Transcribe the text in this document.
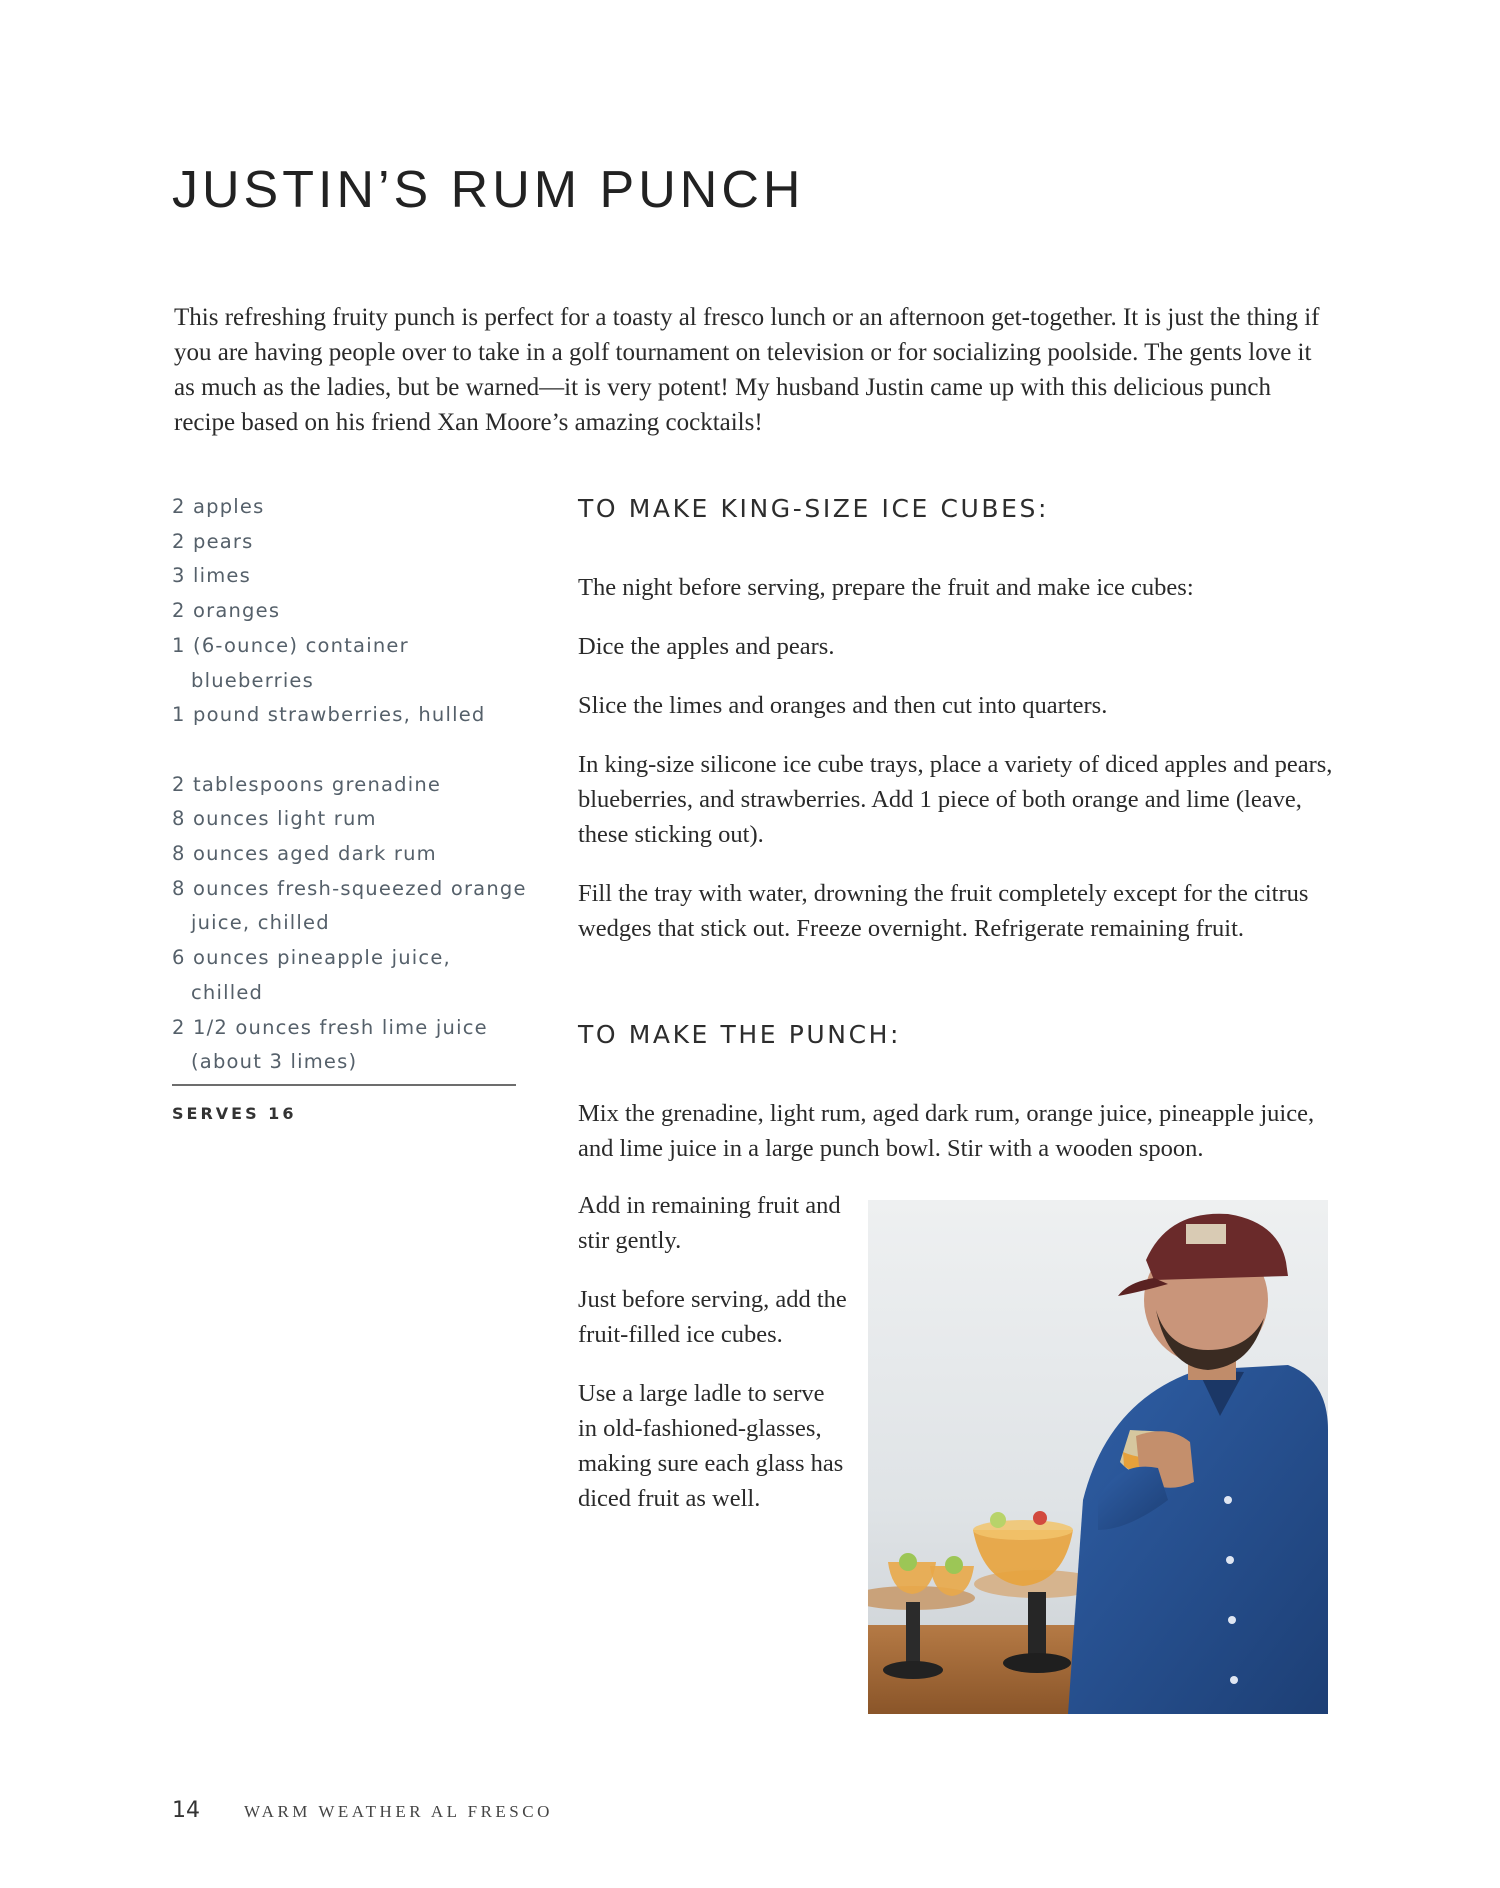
JUSTIN’S RUM PUNCH

This refreshing fruity punch is perfect for a toasty al fresco lunch or an afternoon get-together. It is just the thing if you are having people over to take in a golf tournament on television or for socializing poolside. The gents love it as much as the ladies, but be warned—it is very potent! My husband Justin came up with this delicious punch recipe based on his friend Xan Moore’s amazing cocktails!

2 apples
2 pears
3 limes
2 oranges
1 (6-ounce) container blueberries
1 pound strawberries, hulled
2 tablespoons grenadine
8 ounces light rum
8 ounces aged dark rum
8 ounces fresh-squeezed orange juice, chilled
6 ounces pineapple juice, chilled
2 1/2 ounces fresh lime juice (about 3 limes)
SERVES 16
TO MAKE KING-SIZE ICE CUBES:

The night before serving, prepare the fruit and make ice cubes:

Dice the apples and pears.

Slice the limes and oranges and then cut into quarters.

In king-size silicone ice cube trays, place a variety of diced apples and pears, blueberries, and strawberries. Add 1 piece of both orange and lime (leave, these sticking out).

Fill the tray with water, drowning the fruit completely except for the citrus wedges that stick out. Freeze overnight. Refrigerate remaining fruit.

TO MAKE THE PUNCH:

Mix the grenadine, light rum, aged dark rum, orange juice, pineapple juice, and lime juice in a large punch bowl. Stir with a wooden spoon.

Add in remaining fruit and stir gently.

Just before serving, add the fruit-filled ice cubes.

Use a large ladle to serve in old-fashioned-glasses, making sure each glass has diced fruit as well.

14	WARM WEATHER AL FRESCO
